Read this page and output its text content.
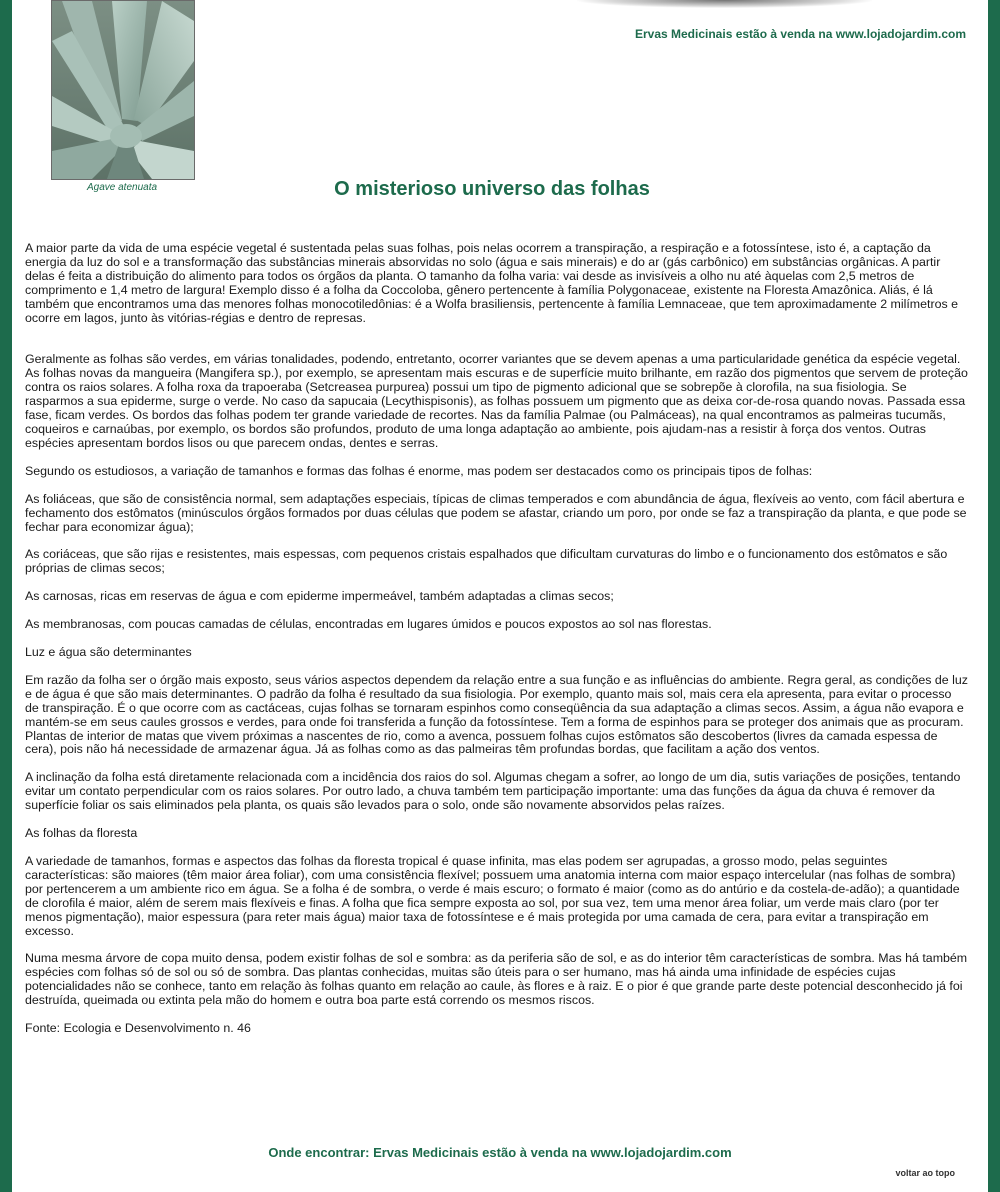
Agave atenuata
Ervas Medicinais estão à venda na www.lojadojardim.com
O misterioso universo das folhas

A maior parte da vida de uma espécie vegetal é sustentada pelas suas folhas, pois nelas ocorrem a transpiração, a respiração e a fotossíntese, isto é, a captação da energia da luz do sol e a transformação das substâncias minerais absorvidas no solo (água e sais minerais) e do ar (gás carbônico) em substâncias orgânicas. A partir delas é feita a distribuição do alimento para todos os órgãos da planta. O tamanho da folha varia: vai desde as invisíveis a olho nu até àquelas com 2,5 metros de comprimento e 1,4 metro de largura! Exemplo disso é a folha da Coccoloba, gênero pertencente à família Polygonaceae¸ existente na Floresta Amazônica. Aliás, é lá também que encontramos uma das menores folhas monocotiledônias: é a Wolfa brasiliensis, pertencente à família Lemnaceae, que tem aproximadamente 2 milímetros e ocorre em lagos, junto às vitórias-régias e dentro de represas.

Geralmente as folhas são verdes, em várias tonalidades, podendo, entretanto, ocorrer variantes que se devem apenas a uma particularidade genética da espécie vegetal. As folhas novas da mangueira (Mangifera sp.), por exemplo, se apresentam mais escuras e de superfície muito brilhante, em razão dos pigmentos que servem de proteção contra os raios solares. A folha roxa da trapoeraba (Setcreasea purpurea) possui um tipo de pigmento adicional que se sobrepõe à clorofila, na sua fisiologia. Se rasparmos a sua epiderme, surge o verde. No caso da sapucaia (Lecythispisonis), as folhas possuem um pigmento que as deixa cor-de-rosa quando novas. Passada essa fase, ficam verdes. Os bordos das folhas podem ter grande variedade de recortes. Nas da família Palmae (ou Palmáceas), na qual encontramos as palmeiras tucumãs, coqueiros e carnaúbas, por exemplo, os bordos são profundos, produto de uma longa adaptação ao ambiente, pois ajudam-nas a resistir à força dos ventos. Outras espécies apresentam bordos lisos ou que parecem ondas, dentes e serras.

Segundo os estudiosos, a variação de tamanhos e formas das folhas é enorme, mas podem ser destacados como os principais tipos de folhas:

As foliáceas, que são de consistência normal, sem adaptações especiais, típicas de climas temperados e com abundância de água, flexíveis ao vento, com fácil abertura e fechamento dos estômatos (minúsculos órgãos formados por duas células que podem se afastar, criando um poro, por onde se faz a transpiração da planta, e que pode se fechar para economizar água);

As coriáceas, que são rijas e resistentes, mais espessas, com pequenos cristais espalhados que dificultam curvaturas do limbo e o funcionamento dos estômatos e são próprias de climas secos;

As carnosas, ricas em reservas de água e com epiderme impermeável, também adaptadas a climas secos;

As membranosas, com poucas camadas de células, encontradas em lugares úmidos e poucos expostos ao sol nas florestas.

Luz e água são determinantes

Em razão da folha ser o órgão mais exposto, seus vários aspectos dependem da relação entre a sua função e as influências do ambiente. Regra geral, as condições de luz e de água é que são mais determinantes. O padrão da folha é resultado da sua fisiologia. Por exemplo, quanto mais sol, mais cera ela apresenta, para evitar o processo de transpiração. É o que ocorre com as cactáceas, cujas folhas se tornaram espinhos como conseqüência da sua adaptação a climas secos. Assim, a água não evapora e mantém-se em seus caules grossos e verdes, para onde foi transferida a função da fotossíntese. Tem a forma de espinhos para se proteger dos animais que as procuram. Plantas de interior de matas que vivem próximas a nascentes de rio, como a avenca, possuem folhas cujos estômatos são descobertos (livres da camada espessa de cera), pois não há necessidade de armazenar água. Já as folhas como as das palmeiras têm profundas bordas, que facilitam a ação dos ventos.

A inclinação da folha está diretamente relacionada com a incidência dos raios do sol. Algumas chegam a sofrer, ao longo de um dia, sutis variações de posições, tentando evitar um contato perpendicular com os raios solares. Por outro lado, a chuva também tem participação importante: uma das funções da água da chuva é remover da superfície foliar os sais eliminados pela planta, os quais são levados para o solo, onde são novamente absorvidos pelas raízes.

As folhas da floresta

A variedade de tamanhos, formas e aspectos das folhas da floresta tropical é quase infinita, mas elas podem ser agrupadas, a grosso modo, pelas seguintes características: são maiores (têm maior área foliar), com uma consistência flexível; possuem uma anatomia interna com maior espaço intercelular (nas folhas de sombra) por pertencerem a um ambiente rico em água. Se a folha é de sombra, o verde é mais escuro; o formato é maior (como as do antúrio e da costela-de-adão); a quantidade de clorofila é maior, além de serem mais flexíveis e finas. A folha que fica sempre exposta ao sol, por sua vez, tem uma menor área foliar, um verde mais claro (por ter menos pigmentação), maior espessura (para reter mais água) maior taxa de fotossíntese e é mais protegida por uma camada de cera, para evitar a transpiração em excesso.

Numa mesma árvore de copa muito densa, podem existir folhas de sol e sombra: as da periferia são de sol, e as do interior têm características de sombra. Mas há também espécies com folhas só de sol ou só de sombra. Das plantas conhecidas, muitas são úteis para o ser humano, mas há ainda uma infinidade de espécies cujas potencialidades não se conhece, tanto em relação às folhas quanto em relação ao caule, às flores e à raiz. E o pior é que grande parte deste potencial desconhecido já foi destruída, queimada ou extinta pela mão do homem e outra boa parte está correndo os mesmos riscos.

Fonte: Ecologia e Desenvolvimento n. 46

Onde encontrar: Ervas Medicinais estão à venda na www.lojadojardim.com
voltar ao topo
